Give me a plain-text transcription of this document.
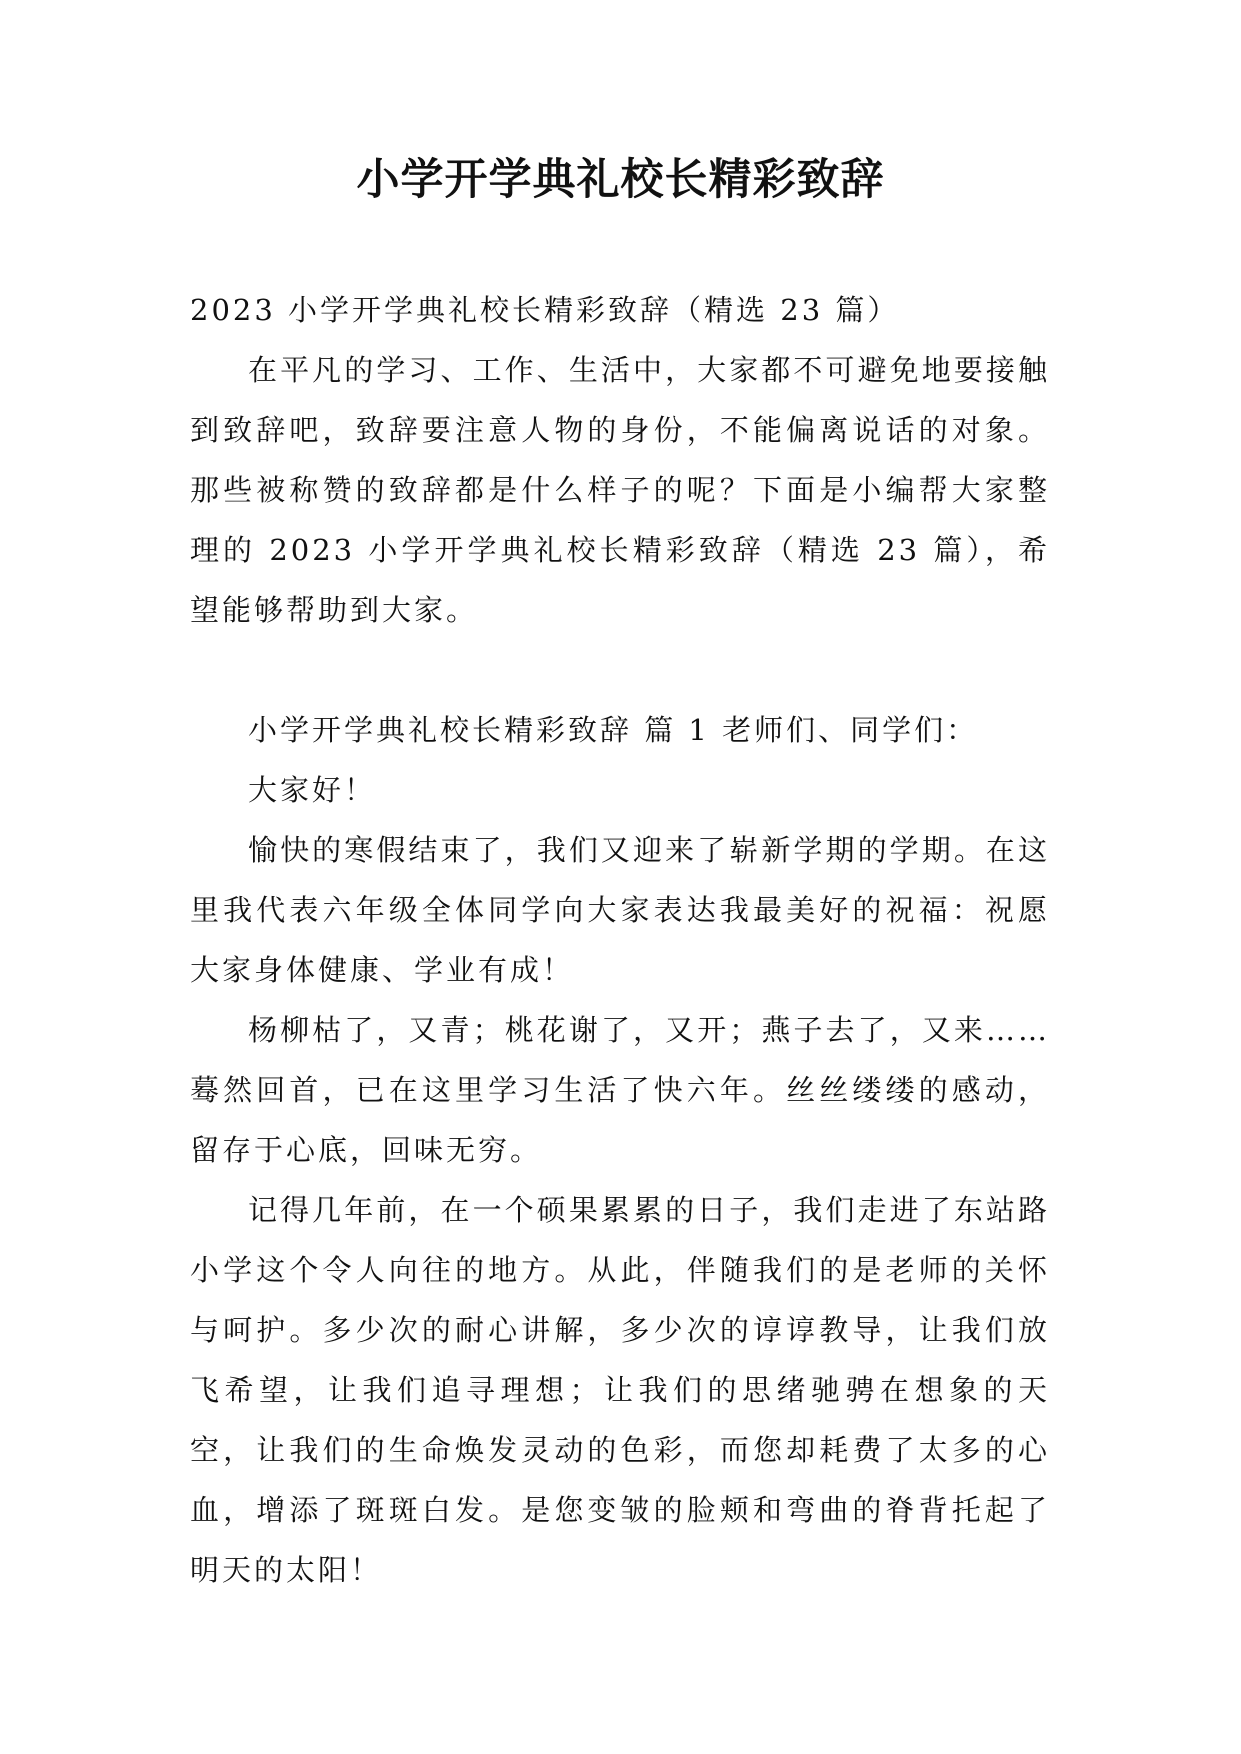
小学开学典礼校长精彩致辞

2023 小学开学典礼校长精彩致辞（精选 23 篇）

在平凡的学习、工作、生活中，大家都不可避免地要接触到致辞吧，致辞要注意人物的身份，不能偏离说话的对象。那些被称赞的致辞都是什么样子的呢？下面是小编帮大家整理的 2023 小学开学典礼校长精彩致辞（精选 23 篇），希望能够帮助到大家。

小学开学典礼校长精彩致辞 篇 1 老师们、同学们：

大家好！

愉快的寒假结束了，我们又迎来了崭新学期的学期。在这里我代表六年级全体同学向大家表达我最美好的祝福：祝愿大家身体健康、学业有成！

杨柳枯了，又青；桃花谢了，又开；燕子去了，又来……蓦然回首，已在这里学习生活了快六年。丝丝缕缕的感动，留存于心底，回味无穷。

记得几年前，在一个硕果累累的日子，我们走进了东站路小学这个令人向往的地方。从此，伴随我们的是老师的关怀与呵护。多少次的耐心讲解，多少次的谆谆教导，让我们放飞希望，让我们追寻理想；让我们的思绪驰骋在想象的天空，让我们的生命焕发灵动的色彩，而您却耗费了太多的心血，增添了斑斑白发。是您变皱的脸颊和弯曲的脊背托起了明天的太阳！
